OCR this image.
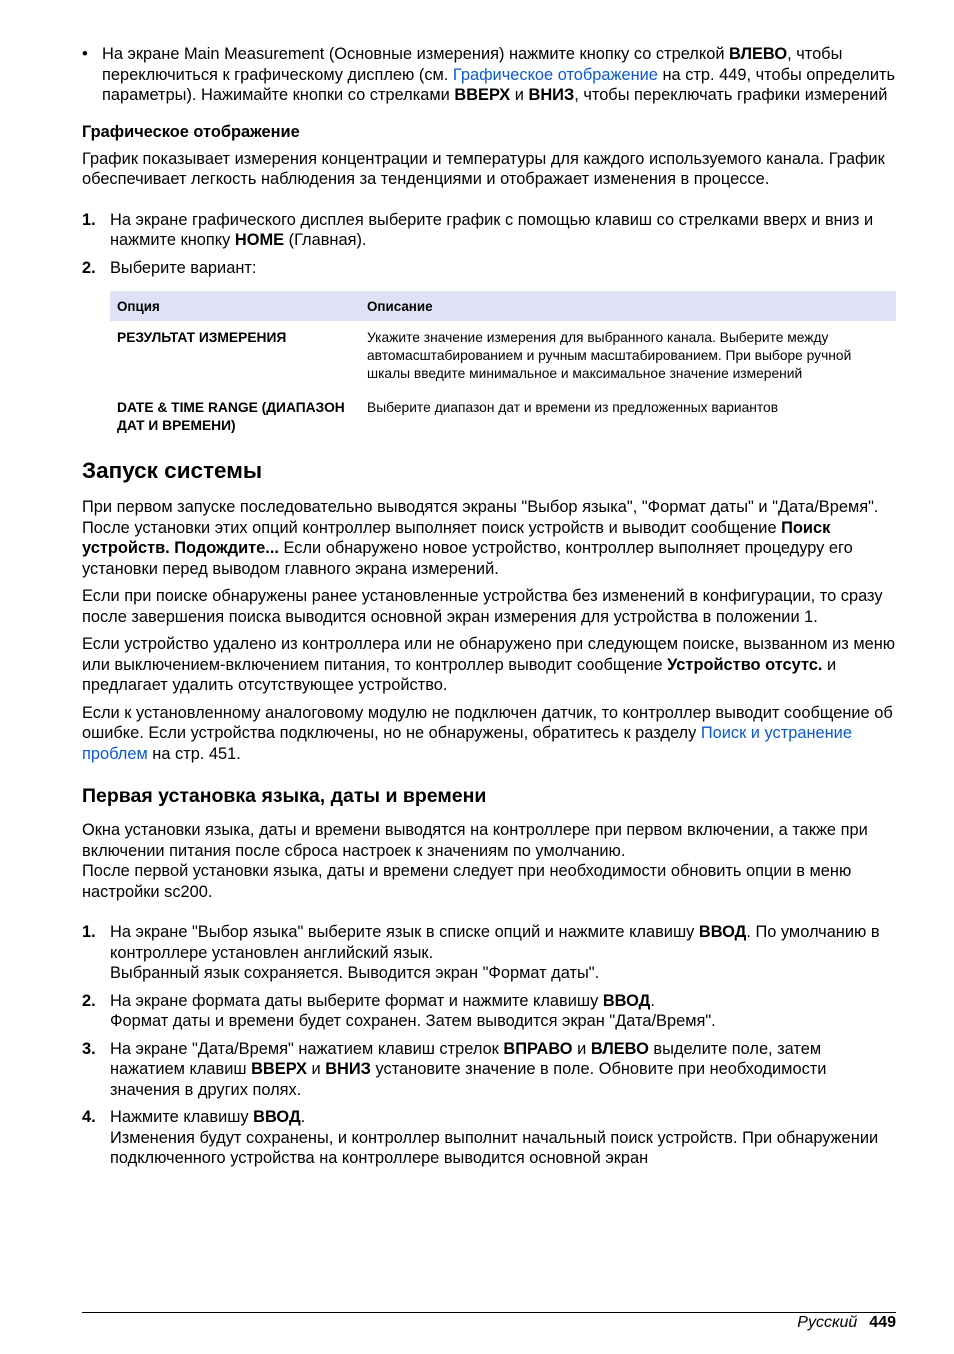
• На экране Main Measurement (Основные измерения) нажмите кнопку со стрелкой ВЛЕВО, чтобы переключиться к графическому дисплею (см. Графическое отображение на стр. 449, чтобы определить параметры). Нажимайте кнопки со стрелками ВВЕРХ и ВНИЗ, чтобы переключать графики измерений
Графическое отображение

График показывает измерения концентрации и температуры для каждого используемого канала. График обеспечивает легкость наблюдения за тенденциями и отображает изменения в процессе.

1. На экране графического дисплея выберите график с помощью клавиш со стрелками вверх и вниз и нажмите кнопку HOME (Главная).
2. Выберите вариант:
Опция	Описание
РЕЗУЛЬТАТ ИЗМЕРЕНИЯ	Укажите значение измерения для выбранного канала. Выберите между автомасштабированием и ручным масштабированием. При выборе ручной шкалы введите минимальное и максимальное значение измерений
DATE & TIME RANGE (ДИАПАЗОН ДАТ И ВРЕМЕНИ)	Выберите диапазон дат и времени из предложенных вариантов
Запуск системы

При первом запуске последовательно выводятся экраны "Выбор языка", "Формат даты" и "Дата/Время". После установки этих опций контроллер выполняет поиск устройств и выводит сообщение Поиск устройств. Подождите... Если обнаружено новое устройство, контроллер выполняет процедуру его установки перед выводом главного экрана измерений.

Если при поиске обнаружены ранее установленные устройства без изменений в конфигурации, то сразу после завершения поиска выводится основной экран измерения для устройства в положении 1.

Если устройство удалено из контроллера или не обнаружено при следующем поиске, вызванном из меню или выключением-включением питания, то контроллер выводит сообщение Устройство отсутс. и предлагает удалить отсутствующее устройство.

Если к установленному аналоговому модулю не подключен датчик, то контроллер выводит сообщение об ошибке. Если устройства подключены, но не обнаружены, обратитесь к разделу Поиск и устранение проблем на стр. 451.

Первая установка языка, даты и времени

Окна установки языка, даты и времени выводятся на контроллере при первом включении, а также при включении питания после сброса настроек к значениям по умолчанию.

После первой установки языка, даты и времени следует при необходимости обновить опции в меню настройки sc200.

1. На экране "Выбор языка" выберите язык в списке опций и нажмите клавишу ВВОД. По умолчанию в контроллере установлен английский язык.
Выбранный язык сохраняется. Выводится экран "Формат даты".
2. На экране формата даты выберите формат и нажмите клавишу ВВОД.
Формат даты и времени будет сохранен. Затем выводится экран "Дата/Время".
3. На экране "Дата/Время" нажатием клавиш стрелок ВПРАВО и ВЛЕВО выделите поле, затем нажатием клавиш ВВЕРХ и ВНИЗ установите значение в поле. Обновите при необходимости значения в других полях.
4. Нажмите клавишу ВВОД.
Изменения будут сохранены, и контроллер выполнит начальный поиск устройств. При обнаружении подключенного устройства на контроллере выводится основной экран
Русский 449
